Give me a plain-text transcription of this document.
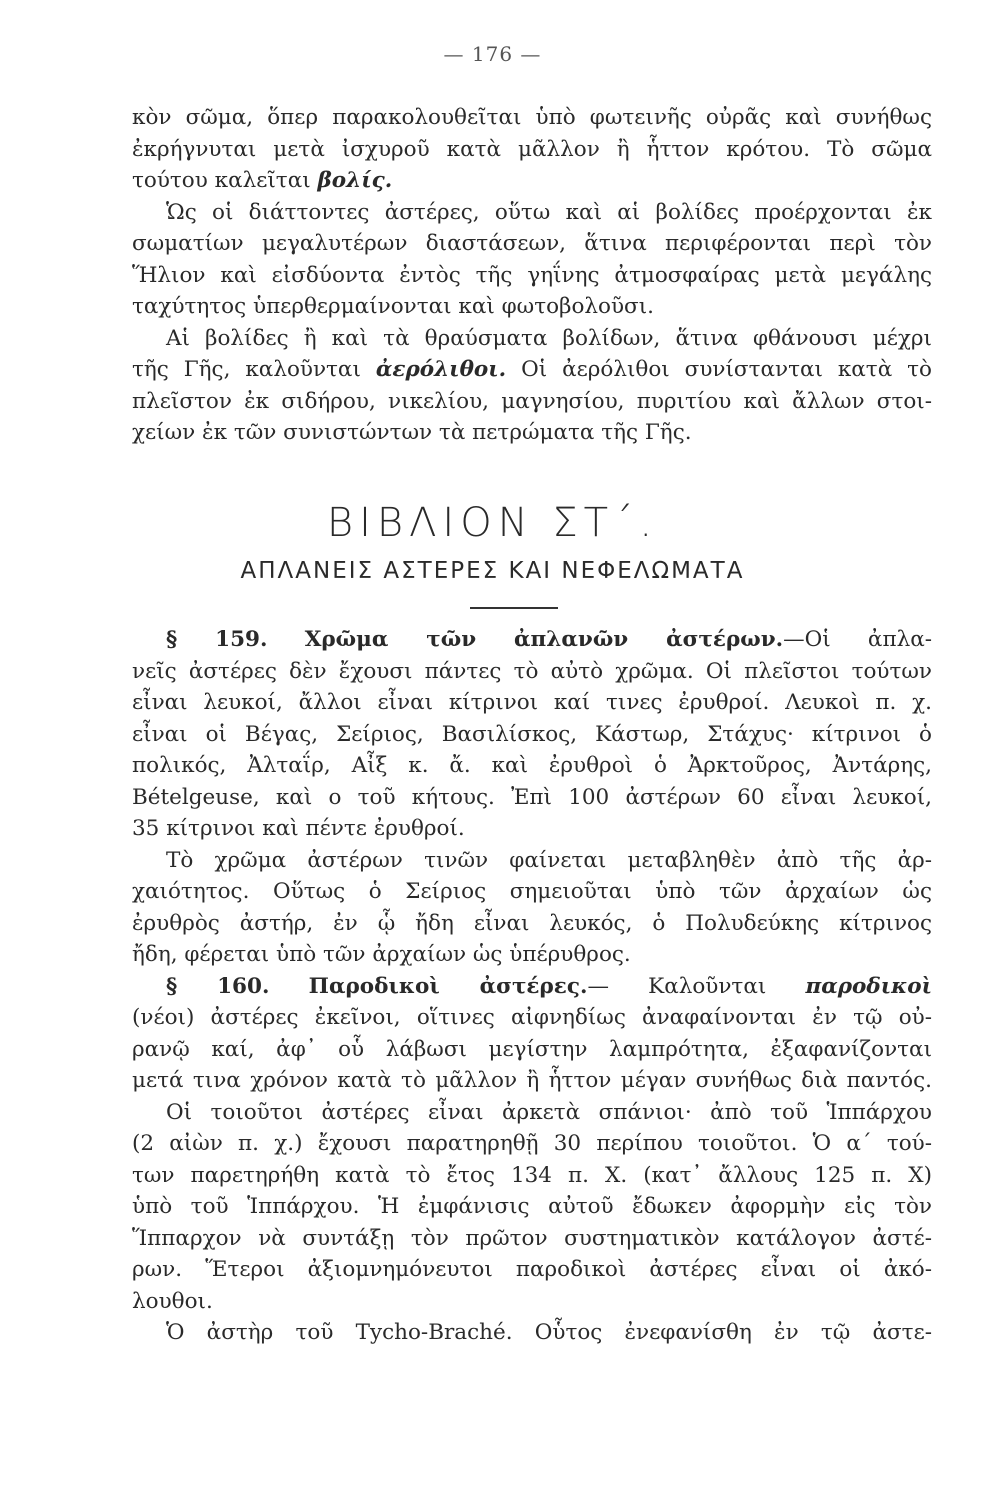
— 176 —
κὸν σῶμα, ὅπερ παρακολουθεῖται ὑπὸ φωτεινῆς οὐρᾶς καὶ συνήθως
ἐκρήγνυται μετὰ ἰσχυροῦ κατὰ μᾶλλον ἢ ἧττον κρότου. Τὸ σῶμα
τούτου καλεῖται βολίς.
Ὡς οἱ διάττοντες ἀστέρες, οὕτω καὶ αἱ βολίδες προέρχονται ἐκ
σωματίων μεγαλυτέρων διαστάσεων, ἅτινα περιφέρονται περὶ τὸν
Ἥλιον καὶ εἰσδύοντα ἐντὸς τῆς γηΐνης ἀτμοσφαίρας μετὰ μεγάλης
ταχύτητος ὑπερθερμαίνονται καὶ φωτοβολοῦσι.
Αἱ βολίδες ἢ καὶ τὰ θραύσματα βολίδων, ἅτινα φθάνουσι μέχρι
τῆς Γῆς, καλοῦνται ἀερόλιθοι. Οἱ ἀερόλιθοι συνίστανται κατὰ τὸ
πλεῖστον ἐκ σιδήρου, νικελίου, μαγνησίου, πυριτίου καὶ ἄλλων στοι-
χείων ἐκ τῶν συνιστώντων τὰ πετρώματα τῆς Γῆς.
ΒΙΒΛΙΟΝ ΣΤ΄.
ΑΠΛΑΝΕΙΣ ΑΣΤΕΡΕΣ ΚΑΙ ΝΕΦΕΛΩΜΑΤΑ
§ 159. Χρῶμα τῶν ἀπλανῶν ἀστέρων.—Οἱ ἀπλα-
νεῖς ἀστέρες δὲν ἔχουσι πάντες τὸ αὐτὸ χρῶμα. Οἱ πλεῖστοι τούτων
εἶναι λευκοί, ἄλλοι εἶναι κίτρινοι καί τινες ἐρυθροί. Λευκοὶ π. χ.
εἶναι οἱ Βέγας, Σείριος, Βασιλίσκος, Κάστωρ, Στάχυς· κίτρινοι ὁ
πολικός, Ἀλταΐρ, Αἶξ κ. ἄ. καὶ ἐρυθροὶ ὁ Ἀρκτοῦρος, Ἀντάρης,
Bételgeuse, καὶ ο τοῦ κήτους. Ἐπὶ 100 ἀστέρων 60 εἶναι λευκοί,
35 κίτρινοι καὶ πέντε ἐρυθροί.
Τὸ χρῶμα ἀστέρων τινῶν φαίνεται μεταβληθὲν ἀπὸ τῆς ἀρ-
χαιότητος. Οὕτως ὁ Σείριος σημειοῦται ὑπὸ τῶν ἀρχαίων ὡς
ἐρυθρὸς ἀστήρ, ἐν ᾧ ἤδη εἶναι λευκός, ὁ Πολυδεύκης κίτρινος
ἤδη, φέρεται ὑπὸ τῶν ἀρχαίων ὡς ὑπέρυθρος.
§ 160. Παροδικοὶ ἀστέρες.— Καλοῦνται παροδικοὶ
(νέοι) ἀστέρες ἐκεῖνοι, οἵτινες αἰφνηδίως ἀναφαίνονται ἐν τῷ οὐ-
ρανῷ καί, ἀφ᾽ οὗ λάβωσι μεγίστην λαμπρότητα, ἐξαφανίζονται
μετά τινα χρόνον κατὰ τὸ μᾶλλον ἢ ἧττον μέγαν συνήθως διὰ παντός.
Οἱ τοιοῦτοι ἀστέρες εἶναι ἀρκετὰ σπάνιοι· ἀπὸ τοῦ Ἱππάρχου
(2 αἰὼν π. χ.) ἔχουσι παρατηρηθῇ 30 περίπου τοιοῦτοι. Ὁ α΄ τού-
των παρετηρήθη κατὰ τὸ ἔτος 134 π. Χ. (κατ᾽ ἄλλους 125 π. Χ)
ὑπὸ τοῦ Ἱππάρχου. Ἡ ἐμφάνισις αὐτοῦ ἔδωκεν ἀφορμὴν εἰς τὸν
Ἵππαρχον νὰ συντάξῃ τὸν πρῶτον συστηματικὸν κατάλογον ἀστέ-
ρων. Ἕτεροι ἀξιομνημόνευτοι παροδικοὶ ἀστέρες εἶναι οἱ ἀκό-
λουθοι.
Ὁ ἀστὴρ τοῦ Tycho-Braché. Οὗτος ἐνεφανίσθη ἐν τῷ ἀστε-
